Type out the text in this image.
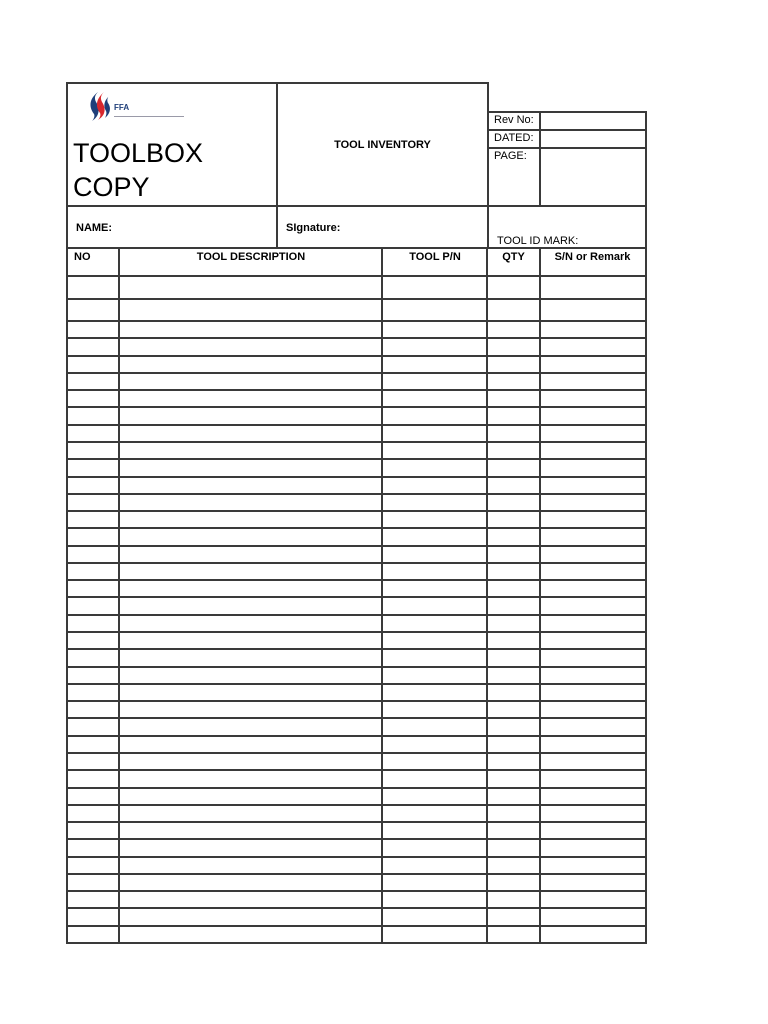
FFA
TOOLBOX
COPY
TOOL INVENTORY
Rev No:
DATED:
PAGE:
NAME:	SIgnature:
TOOL ID MARK:
NO	TOOL DESCRIPTION	TOOL P/N	QTY	S/N or Remark
